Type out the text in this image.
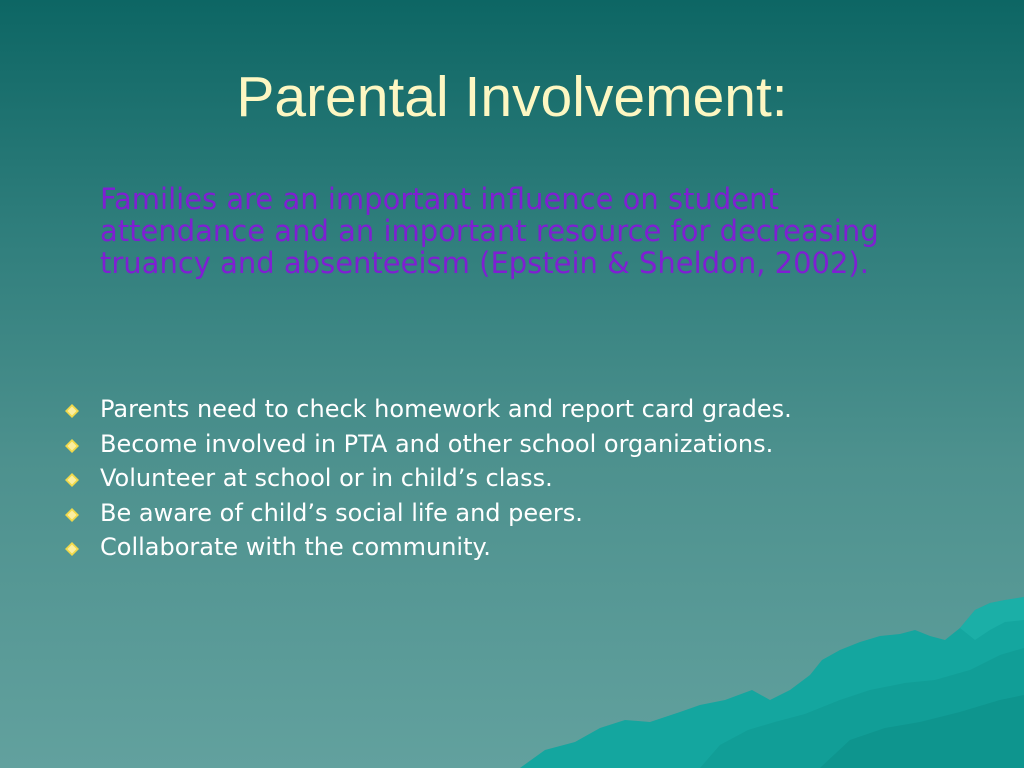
Parental Involvement:

Families are an important influence on student attendance and an important resource for decreasing truancy and absenteeism (Epstein & Sheldon, 2002).

Parents need to check homework and report card grades.
Become involved in PTA and other school organizations.
Volunteer at school or in child’s class.
Be aware of child’s social life and peers.
Collaborate with the community.
